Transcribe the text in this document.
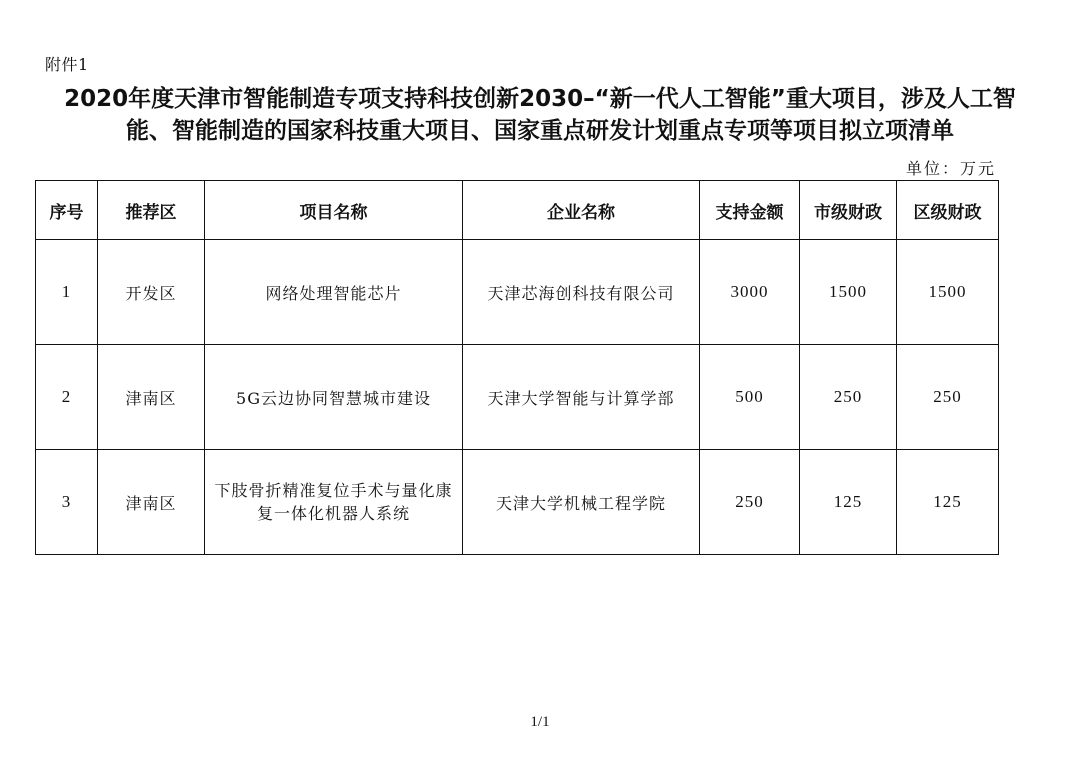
附件1
2020年度天津市智能制造专项支持科技创新2030–“新一代人工智能”重大项目，涉及人工智
能、智能制造的国家科技重大项目、国家重点研发计划重点专项等项目拟立项清单
单位：万元
序号	推荐区	项目名称	企业名称	支持金额	市级财政	区级财政
1	开发区	网络处理智能芯片	天津芯海创科技有限公司	3000	1500	1500
2	津南区	5G云边协同智慧城市建设	天津大学智能与计算学部	500	250	250
3	津南区	下肢骨折精准复位手术与量化康复一体化机器人系统	天津大学机械工程学院	250	125	125
1/1
